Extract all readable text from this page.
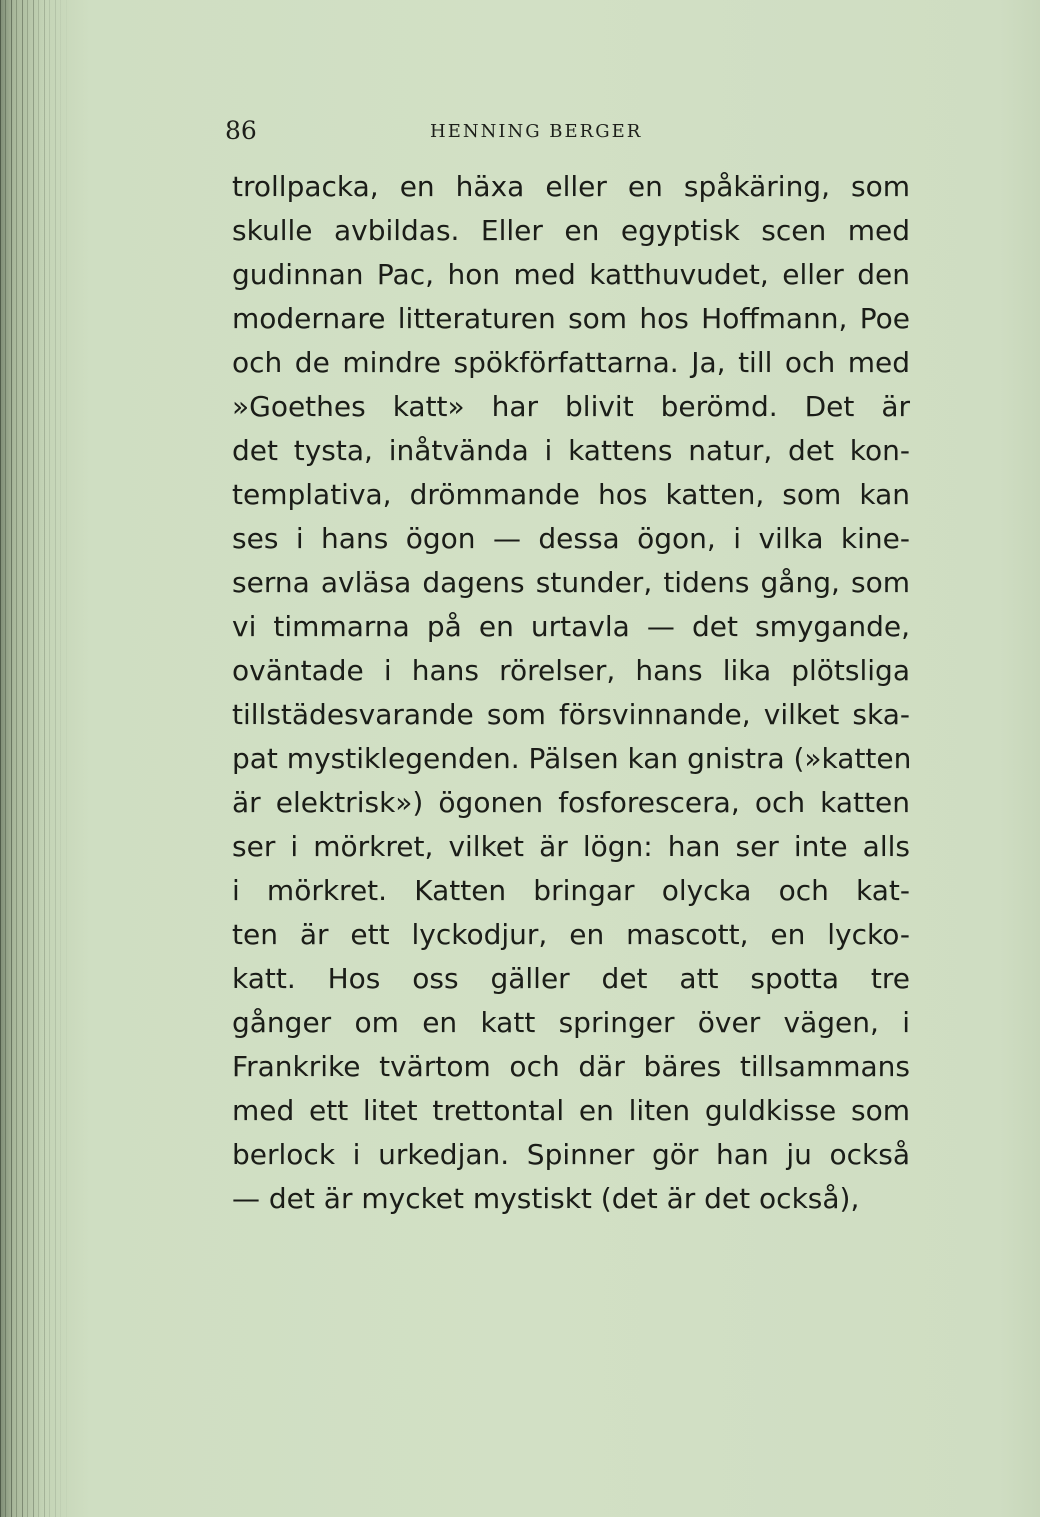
86	HENNING BERGER
trollpacka, en häxa eller en spåkäring, som
skulle avbildas. Eller en egyptisk scen med
gudinnan Pac, hon med katthuvudet, eller den
modernare litteraturen som hos Hoffmann, Poe
och de mindre spökförfattarna. Ja, till och med
»Goethes katt» har blivit berömd. Det är
det tysta, inåtvända i kattens natur, det kon-
templativa, drömmande hos katten, som kan
ses i hans ögon — dessa ögon, i vilka kine-
serna avläsa dagens stunder, tidens gång, som
vi timmarna på en urtavla — det smygande,
oväntade i hans rörelser, hans lika plötsliga
tillstädesvarande som försvinnande, vilket ska-
pat mystiklegenden. Pälsen kan gnistra (»katten
är elektrisk») ögonen fosforescera, och katten
ser i mörkret, vilket är lögn: han ser inte alls
i mörkret. Katten bringar olycka och kat-
ten är ett lyckodjur, en mascott, en lycko-
katt. Hos oss gäller det att spotta tre
gånger om en katt springer över vägen, i
Frankrike tvärtom och där bäres tillsammans
med ett litet trettontal en liten guldkisse som
berlock i urkedjan. Spinner gör han ju också
— det är mycket mystiskt (det är det också),
